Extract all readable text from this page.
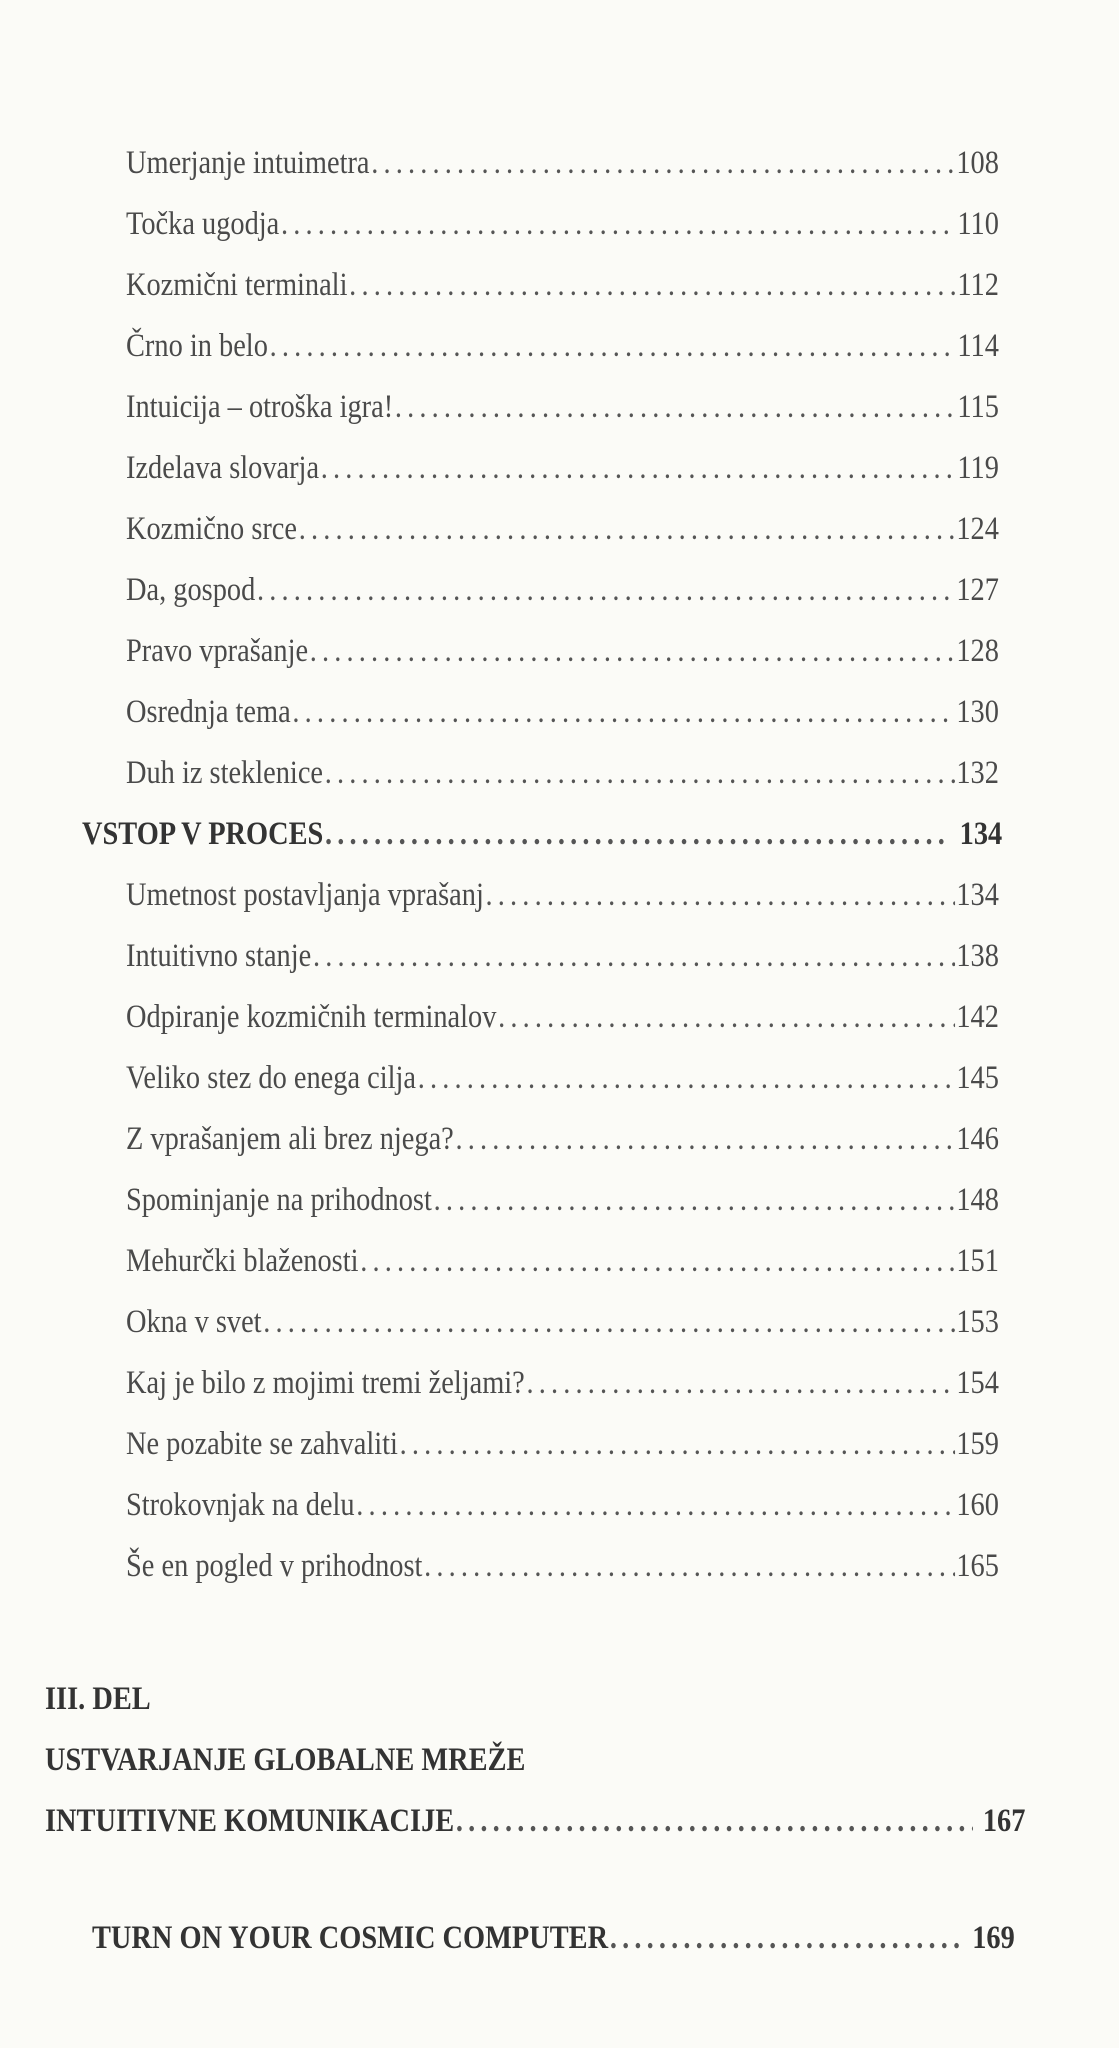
Umerjanje intuimetra .....	108
Točka ugodja .....	110
Kozmični terminali .....	112
Črno in belo .....	114
Intuicija – otroška igra! .....	115
Izdelava slovarja .....	119
Kozmično srce .....	124
Da, gospod .....	127
Pravo vprašanje .....	128
Osrednja tema .....	130
Duh iz steklenice .....	132
VSTOP V PROCES .....	134
Umetnost postavljanja vprašanj .....	134
Intuitivno stanje .....	138
Odpiranje kozmičnih terminalov .....	142
Veliko stez do enega cilja .....	145
Z vprašanjem ali brez njega? .....	146
Spominjanje na prihodnost .....	148
Mehurčki blaženosti .....	151
Okna v svet .....	153
Kaj je bilo z mojimi tremi željami? .....	154
Ne pozabite se zahvaliti .....	159
Strokovnjak na delu .....	160
Še en pogled v prihodnost .....	165
III. DEL
USTVARJANJE GLOBALNE MREŽE
INTUITIVNE KOMUNIKACIJE .....	167
TURN ON YOUR COSMIC COMPUTER .....	169
